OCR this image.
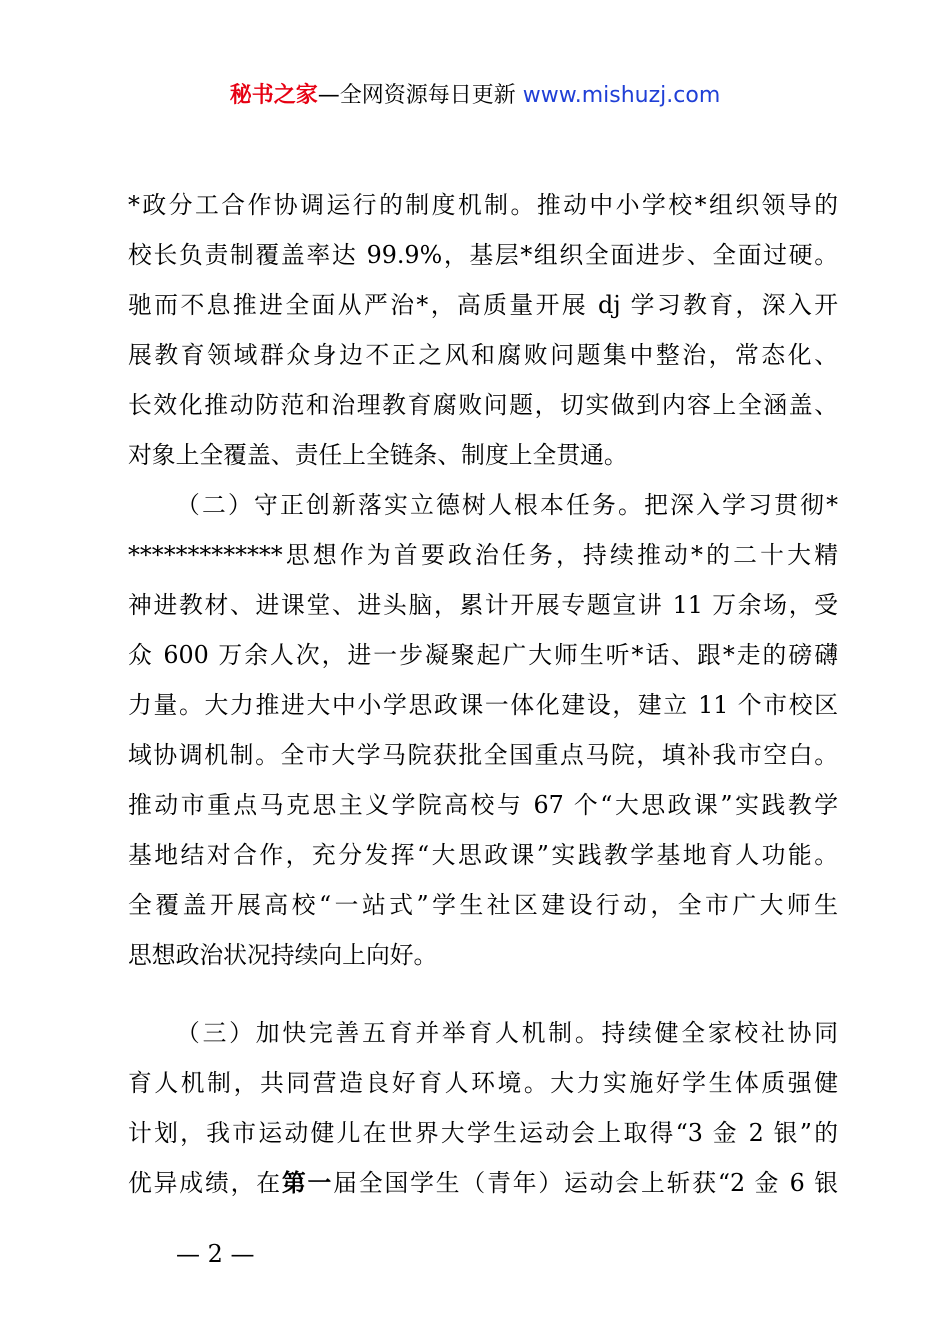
秘书之家—全网资源每日更新 www.mishuzj.com
*政分工合作协调运行的制度机制。推动中小学校*组织领导的
校长负责制覆盖率达 99.9%，基层*组织全面进步、全面过硬。
驰而不息推进全面从严治*，高质量开展 dj 学习教育，深入开
展教育领域群众身边不正之风和腐败问题集中整治，常态化、
长效化推动防范和治理教育腐败问题，切实做到内容上全涵盖、
对象上全覆盖、责任上全链条、制度上全贯通。
（二）守正创新落实立德树人根本任务。把深入学习贯彻*
*************思想作为首要政治任务，持续推动*的二十大精
神进教材、进课堂、进头脑，累计开展专题宣讲 11 万余场，受
众 600 万余人次，进一步凝聚起广大师生听*话、跟*走的磅礴
力量。大力推进大中小学思政课一体化建设，建立 11 个市校区
域协调机制。全市大学马院获批全国重点马院，填补我市空白。
推动市重点马克思主义学院高校与 67 个“大思政课”实践教学
基地结对合作，充分发挥“大思政课”实践教学基地育人功能。
全覆盖开展高校“一站式”学生社区建设行动，全市广大师生
思想政治状况持续向上向好。
（三）加快完善五育并举育人机制。持续健全家校社协同
育人机制，共同营造良好育人环境。大力实施好学生体质强健
计划，我市运动健儿在世界大学生运动会上取得“3 金 2 银”的
优异成绩，在第一届全国学生（青年）运动会上斩获“2 金 6 银
— 2 —
